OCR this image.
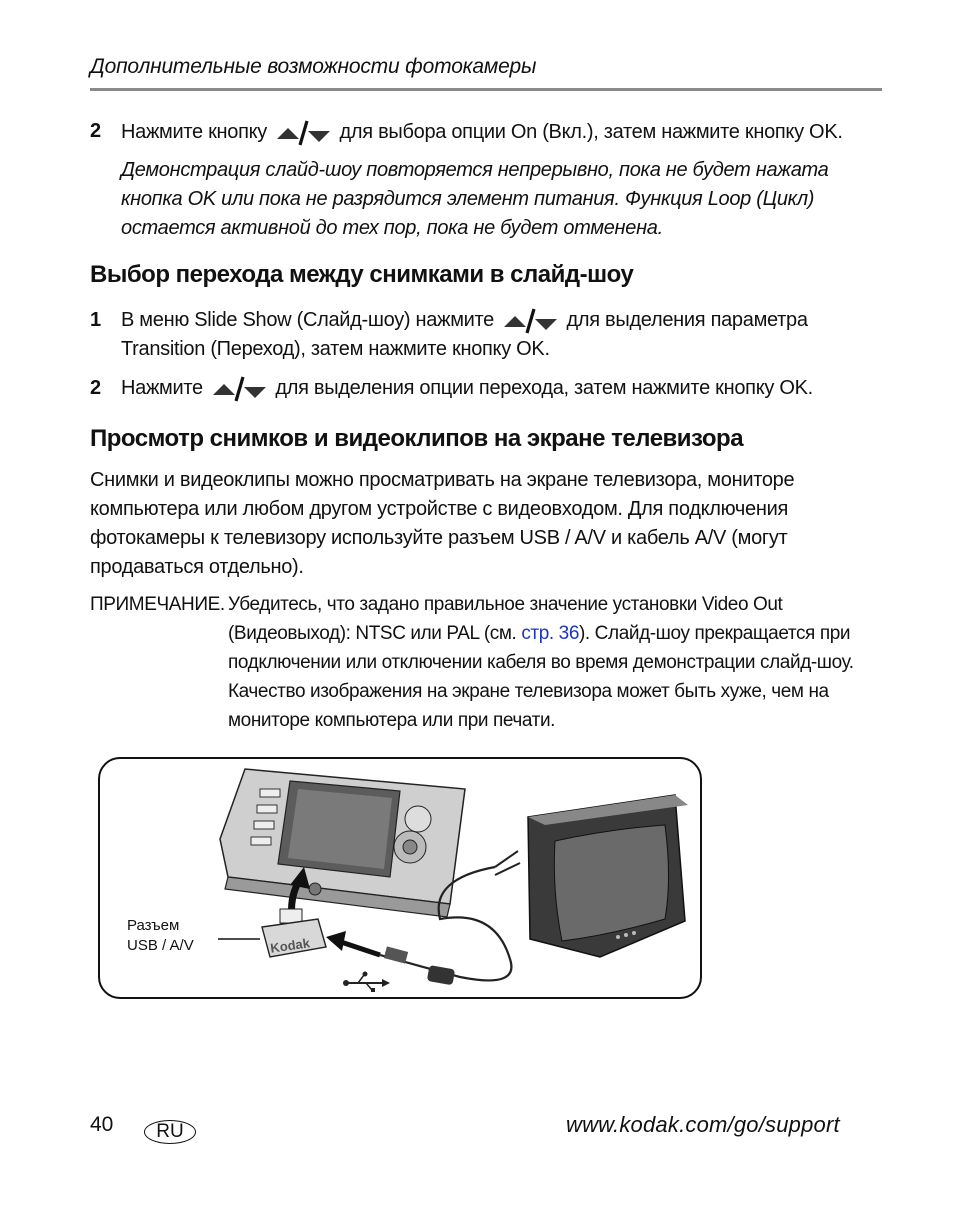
Дополнительные возможности фотокамеры
2 Нажмите кнопку	для выбора опции On (Вкл.), затем нажмите кнопку OK.
Демонстрация слайд-шоу повторяется непрерывно, пока не будет нажата
кнопка OK или пока не разрядится элемент питания. Функция Loop (Цикл)
остается активной до тех пор, пока не будет отменена.
Выбор перехода между снимками в слайд-шоу
1 В меню Slide Show (Слайд-шоу) нажмите	для выделения параметра
Transition (Переход), затем нажмите кнопку OK.
2 Нажмите	для выделения опции перехода, затем нажмите кнопку OK.
Просмотр снимков и видеоклипов на экране телевизора
Снимки и видеоклипы можно просматривать на экране телевизора, мониторе
компьютера или любом другом устройстве с видеовходом. Для подключения
фотокамеры к телевизору используйте разъем USB / A/V и кабель A/V (могут
продаваться отдельно).
ПРИМЕЧАНИЕ. Убедитесь, что задано правильное значение установки Video Out
(Видеовыход): NTSC или PAL (см. стр. 36). Слайд-шоу прекращается при
подключении или отключении кабеля во время демонстрации слайд-шоу.
Качество изображения на экране телевизора может быть хуже, чем на
мониторе компьютера или при печати.
Kodak
Разъем
USB / A/V
40	RU	www.kodak.com/go/support
